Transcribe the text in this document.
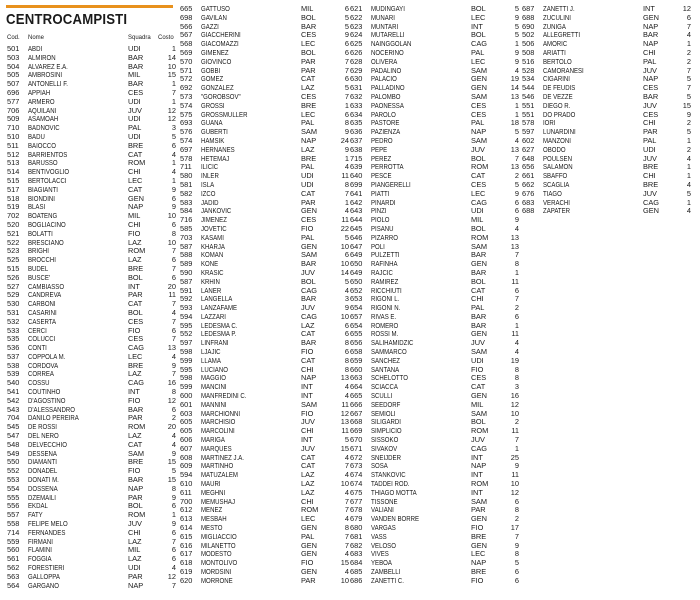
CENTROCAMPISTI
Cod. Nome	Squadra Costo
501 ABDI	UDI	1
503 ALMIRON	BAR	14
504 ALVAREZ E.A.	BAR	10
505 AMBROSINI	MIL	15
507 ANTONELLI F.	BAR	1
696 APPIAH	CES	7
577 ARMERO	UDI	1
706 AQUILANI	JUV	12
509 ASAMOAH	UDI	12
710 BADNOVIC	PAL	3
510 BADU	UDI	5
511 BAIOCCO	BRE	6
512 BARRIENTOS	CAT	4
513 BARUSSO	ROM	1
514 BENTIVOGLIO	CHI	4
515 BERTOLACCI	LEC	1
517 BIAGIANTI	CAT	9
518 BIONDINI	GEN	6
519 BLASI	NAP	9
702 BOATENG	MIL	10
520 BOGLIACINO	CHI	6
521 BOLATTI	FIO	8
522 BRESCIANO	LAZ	10
523 BRIGHI	ROM	7
525 BROCCHI	LAZ	6
515 BUDEL	BRE	7
526 BUSCE'	BOL	6
527 CAMBIASSO	INT	20
529 CANDREVA	PAR	11
530 CARBONI	CAT	7
531 CASARINI	BOL	4
532 CASERTA	CES	7
533 CERCI	FIO	6
535 COLUCCI	CES	7
536 CONTI	CAG	13
537 COPPOLA M.	LEC	4
538 CORDOVA	BRE	9
539 CORREA	LAZ	7
540 COSSU	CAG	16
541 COUTINHO	INT	8
542 D'AGOSTINO	FIO	12
543 D'ALESSANDRO	BAR	6
704 DANILO PEREIRA	PAR	2
545 DE ROSSI	ROM	20
547 DEL NERO	LAZ	4
548 DELVECCHIO	CAT	4
549 DESSENA	SAM	9
550 DIAMANTI	BRE	15
552 DONADEL	FIO	5
553 DONATI M.	BAR	15
554 DOSSENA	NAP	8
555 DZEMAILI	PAR	9
556 EKDAL	BOL	6
557 FATY	ROM	1
558 FELIPE MELO	JUV	9
714 FERNANDES	CHI	6
559 FIRMANI	LAZ	7
560 FLAMINI	MIL	6
561 FOGGIA	LAZ	6
562 FORESTIERI	UDI	4
563 GALLOPPA	PAR	12
564 GARGANO	NAP	7
665 GATTUSO	MIL	6
698 GAVILAN	BOL	5
566 GAZZI	BAR	5
567 GIACCHERINI	CES	9
568 GIACOMAZZI	LEC	6
569 GIMENEZ	BOL	6
570 GIOVINCO	PAR	7
571 GOBBI	PAR	7
572 GOMEZ	CAT	6
692 GONZALEZ	LAZ	5
573 "GOROBSOV"	CES	7
574 GROSSI	BRE	1
575 GROSSMULLER	LEC	6
693 GUANA	PAL	8
576 GUBERTI	SAM	9
574 HAMSIK	NAP	24
697 HERNANES	LAZ	9
578 HETEMAJ	BRE	1
711 ILICIC	PAL	4
580 INLER	UDI	11
581 ISLA	UDI	8
582 IZCO	CAT	7
583 JADID	PAR	1
584 JANKOVIC	GEN	4
716 JIMENEZ	CES	11
585 JOVETIC	FIO	22
703 KASAMI	PAL	5
587 KHARJA	GEN	10
588 KOMAN	SAM	6
589 KONE	BAR	10
590 KRASIC	JUV	14
587 KRHIN	BOL	5
591 LANER	CAG	4
592 LANGELLA	BAR	3
593 LANZAFAME	JUV	9
594 LAZZARI	CAG	10
595 LEDESMA C.	LAZ	6
552 LEDESMA P.	CAT	6
597 LINFRANI	BAR	8
598 LJAJIC	FIO	6
599 LLAMA	CAT	8
595 LUCIANO	CHI	8
598 MAGGIO	NAP	13
599 MANCINI	INT	4
600 MANFREDINI C.	INT	4
601 MANNINI	SAM	11
603 MARCHIONNI	FIO	12
605 MARCHISIO	JUV	13
605 MARCOLINI	CHI	11
606 MARIGA	INT	5
607 MARQUES	JUV	15
608 MARTINEZ J.A.	CAT	4
609 MARTINHO	CAT	7
594 MATUZALEM	LAZ	4
610 MAURI	LAZ	10
611 MEGHNI	LAZ	4
700 MEMUSHAJ	CHI	7
612 MENEZ	ROM	7
613 MESBAH	LEC	4
614 MESTO	GEN	8
615 MIGLIACCIO	PAL	7
616 MILANETTO	GEN	7
617 MODESTO	GEN	4
618 MONTOLIVO	FIO	15
619 MORDSINI	GEN	4
620 MORRONE	PAR	10
621 MUDINGAYI	BOL	5
622 MUNARI	LEC	9
623 MUNTARI	INT	5
624 MUTARELLI	BOL	5
625 NAINGGOLAN	CAG	1
626 NOCERINO	PAL	9
628 OLIVERA	LEC	9
629 PADALINO	SAM	4
630 PALACIO	GEN	19
631 PALLADINO	GEN	14
632 PALOMBO	SAM	13
633 PAONESSA	CES	1
634 PAROLO	CES	1
635 PASTORE	PAL	18
636 PAZIENZA	NAP	5
637 PEDRO	SAM	4
638 PEPE	JUV	13
715 PEREZ	BOL	7
639 PERROTTA	ROM	13
640 PESCE	CAT	2
699 PIANGERELLI	CES	5
641 PIATTI	LEC	9
642 PINARDI	CAG	6
643 PINZI	UDI	6
644 PIOLO	MIL	9
645 PISANU	BOL	4
646 PIZARRO	ROM	13
647 POLI	SAM	13
649 PULZETTI	BAR	7
650 RAFINHA	GEN	8
649 RAJCIC	BAR	1
650 RAMIREZ	BOL	11
652 RICCHIUTI	CAT	6
653 RIGONI L.	CHI	7
654 RIGONI N.	PAL	2
657 RIVAS E.	BAR	6
654 ROMERO	BAR	1
655 ROSSI M.	GEN	11
656 SALIHAMIDZIC	JUV	4
658 SAMMARCO	SAM	4
659 SANCHEZ	UDI	19
660 SANTANA	FIO	8
663 SCHELOTTO	CES	8
664 SCIACCA	CAT	3
665 SCULLI	GEN	16
666 SEEDORF	MIL	12
667 SEMIOLI	SAM	10
668 SILIGARDI	BOL	2
669 SIMPLICIO	ROM	11
670 SISSOKO	JUV	7
671 SIVAKOV	CAG	1
672 SNEIJDER	INT	25
673 SOSA	NAP	9
674 STANKOVIC	INT	11
674 TADDEI ROD.	ROM	10
675 THIAGO MOTTA	INT	12
677 TISSONE	SAM	6
678 VALIANI	PAR	8
679 VANDEN BORRE	GEN	2
680 VARGAS	FIO	17
681 VASS	BRE	7
682 VELOSO	GEN	9
683 VIVES	LEC	8
684 YEBOA	NAP	5
685 ZAMBELLI	BRE	6
686 ZANETTI C.	FIO	6
687 ZANETTI J.	INT	12
688 ZUCULINI	GEN	6
690 ZUNIGA	NAP	7
502 ALLEGRETTI	BAR	4
506 AMORIC	NAP	1
508 ARIATTI	CHI	2
516 BERTOLO	PAL	2
528 CAMORANESI	JUV	7
534 CIGARINI	NAP	5
544 DE FEUDIS	CES	7
546 DE VEZZE	BAR	5
551 DIEGO R.	JUV	15
551 DO PRADO	CES	9
578 IORI	CHI	2
597 LUNARDINI	PAR	5
602 MANZONI	PAL	1
627 OBODO	UDI	2
648 POULSEN	JUV	4
656 SALAMON	BRE	1
661 SBAFFO	CHI	1
662 SCAGLIA	BRE	4
676 TIAGO	JUV	5
683 VERACHI	CAG	1
688 ZAPATER	GEN	4
